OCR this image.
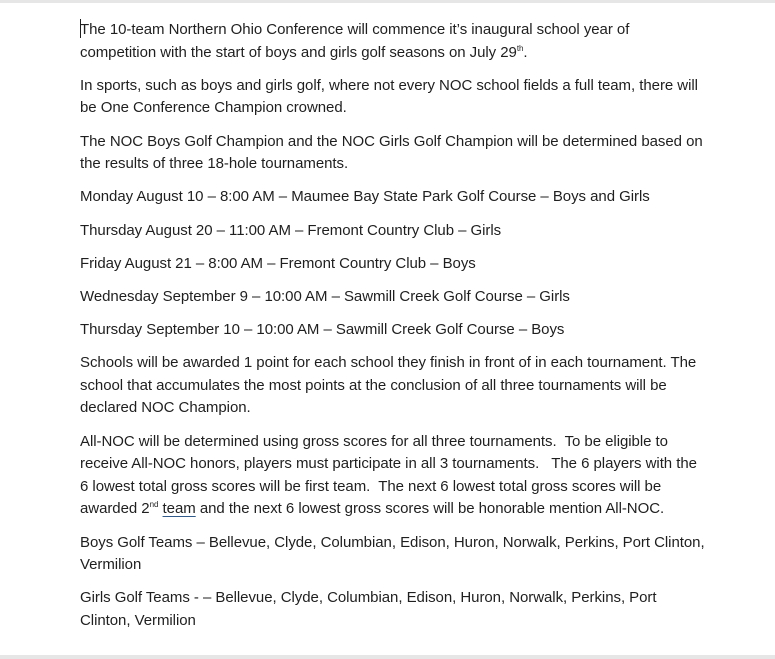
The 10-team Northern Ohio Conference will commence it’s inaugural school year of competition with the start of boys and girls golf seasons on July 29th.

In sports, such as boys and girls golf, where not every NOC school fields a full team, there will be One Conference Champion crowned.

The NOC Boys Golf Champion and the NOC Girls Golf Champion will be determined based on the results of three 18-hole tournaments.

Monday August 10 – 8:00 AM – Maumee Bay State Park Golf Course – Boys and Girls

Thursday August 20 – 11:00 AM – Fremont Country Club – Girls

Friday August 21 – 8:00 AM – Fremont Country Club – Boys

Wednesday September 9 – 10:00 AM – Sawmill Creek Golf Course – Girls

Thursday September 10 – 10:00 AM – Sawmill Creek Golf Course – Boys

Schools will be awarded 1 point for each school they finish in front of in each tournament. The school that accumulates the most points at the conclusion of all three tournaments will be declared NOC Champion.

All-NOC will be determined using gross scores for all three tournaments.  To be eligible to receive All-NOC honors, players must participate in all 3 tournaments.   The 6 players with the 6 lowest total gross scores will be first team.  The next 6 lowest total gross scores will be awarded 2nd team and the next 6 lowest gross scores will be honorable mention All-NOC.

Boys Golf Teams – Bellevue, Clyde, Columbian, Edison, Huron, Norwalk, Perkins, Port Clinton, Vermilion

Girls Golf Teams - – Bellevue, Clyde, Columbian, Edison, Huron, Norwalk, Perkins, Port Clinton, Vermilion
